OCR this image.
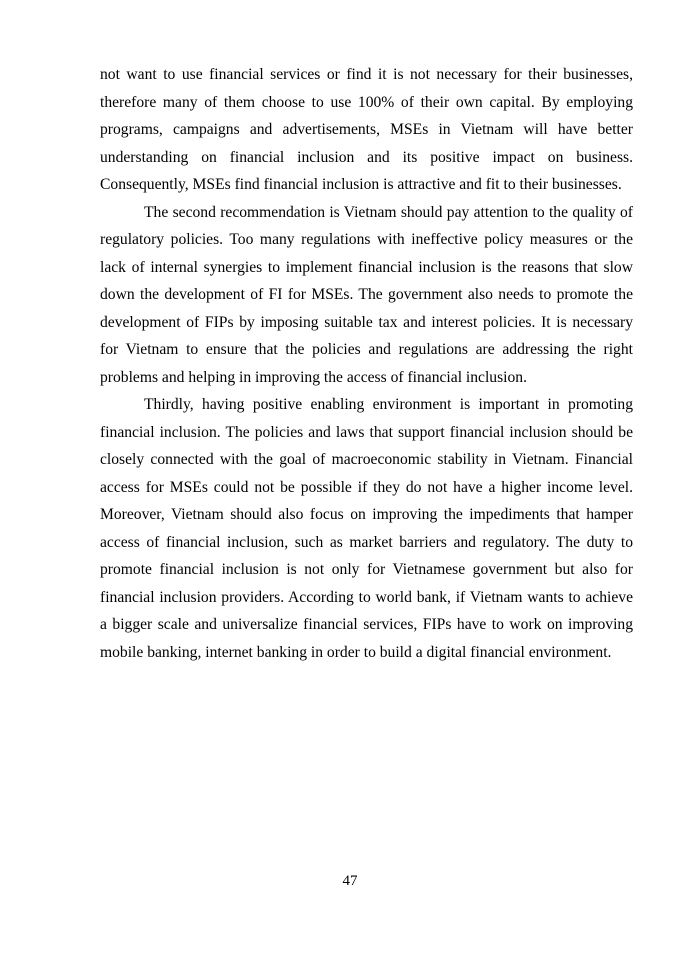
not want to use financial services or find it is not necessary for their businesses, therefore many of them choose to use 100% of their own capital. By employing programs, campaigns and advertisements, MSEs in Vietnam will have better understanding on financial inclusion and its positive impact on business. Consequently, MSEs find financial inclusion is attractive and fit to their businesses.

The second recommendation is Vietnam should pay attention to the quality of regulatory policies. Too many regulations with ineffective policy measures or the lack of internal synergies to implement financial inclusion is the reasons that slow down the development of FI for MSEs. The government also needs to promote the development of FIPs by imposing suitable tax and interest policies. It is necessary for Vietnam to ensure that the policies and regulations are addressing the right problems and helping in improving the access of financial inclusion.

Thirdly, having positive enabling environment is important in promoting financial inclusion. The policies and laws that support financial inclusion should be closely connected with the goal of macroeconomic stability in Vietnam. Financial access for MSEs could not be possible if they do not have a higher income level. Moreover, Vietnam should also focus on improving the impediments that hamper access of financial inclusion, such as market barriers and regulatory. The duty to promote financial inclusion is not only for Vietnamese government but also for financial inclusion providers. According to world bank, if Vietnam wants to achieve a bigger scale and universalize financial services, FIPs have to work on improving mobile banking, internet banking in order to build a digital financial environment.

47
